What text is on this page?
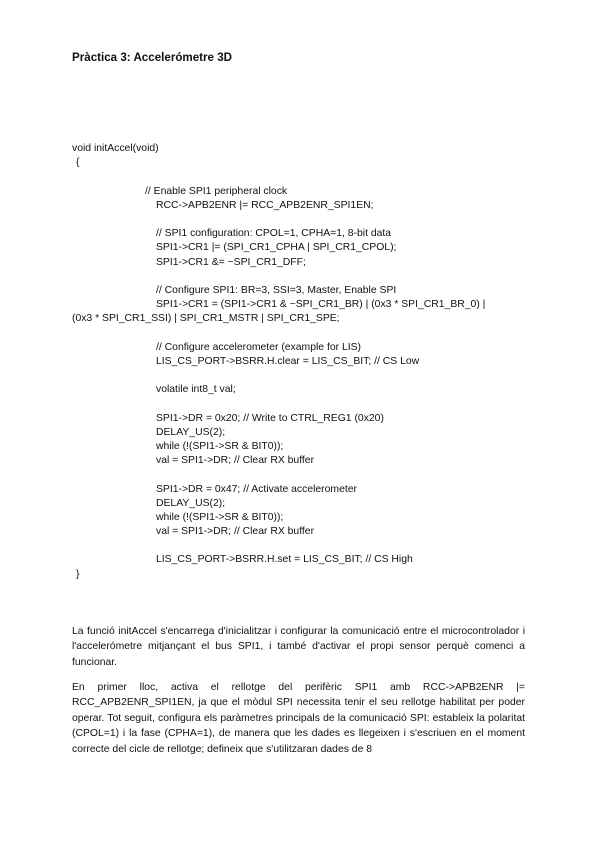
Pràctica 3: Accelerómetre 3D
void initAccel(void)
{
// Enable SPI1 peripheral clock
RCC->APB2ENR |= RCC_APB2ENR_SPI1EN;
// SPI1 configuration: CPOL=1, CPHA=1, 8-bit data
SPI1->CR1 |= (SPI_CR1_CPHA | SPI_CR1_CPOL);
SPI1->CR1 &= ~SPI_CR1_DFF;
// Configure SPI1: BR=3, SSI=3, Master, Enable SPI
SPI1->CR1 = (SPI1->CR1 & ~SPI_CR1_BR) | (0x3 * SPI_CR1_BR_0) |
(0x3 * SPI_CR1_SSI) | SPI_CR1_MSTR | SPI_CR1_SPE;
// Configure accelerometer (example for LIS)
LIS_CS_PORT->BSRR.H.clear = LIS_CS_BIT; // CS Low
volatile int8_t val;
SPI1->DR = 0x20; // Write to CTRL_REG1 (0x20)
DELAY_US(2);
while (!(SPI1->SR & BIT0));
val = SPI1->DR; // Clear RX buffer
SPI1->DR = 0x47; // Activate accelerometer
DELAY_US(2);
while (!(SPI1->SR & BIT0));
val = SPI1->DR; // Clear RX buffer
LIS_CS_PORT->BSRR.H.set = LIS_CS_BIT; // CS High
}

La funció initAccel s'encarrega d'inicialitzar i configurar la comunicació entre el microcontrolador i l'accelerómetre mitjançant el bus SPI1, i també d'activar el propi sensor perquè comenci a funcionar.

En primer lloc, activa el rellotge del perifèric SPI1 amb RCC->APB2ENR |= RCC_APB2ENR_SPI1EN, ja que el mòdul SPI necessita tenir el seu rellotge habilitat per poder operar. Tot seguit, configura els paràmetres principals de la comunicació SPI: estableix la polaritat (CPOL=1) i la fase (CPHA=1), de manera que les dades es llegeixen i s'escriuen en el moment correcte del cicle de rellotge; defineix que s'utilitzaran dades de 8
